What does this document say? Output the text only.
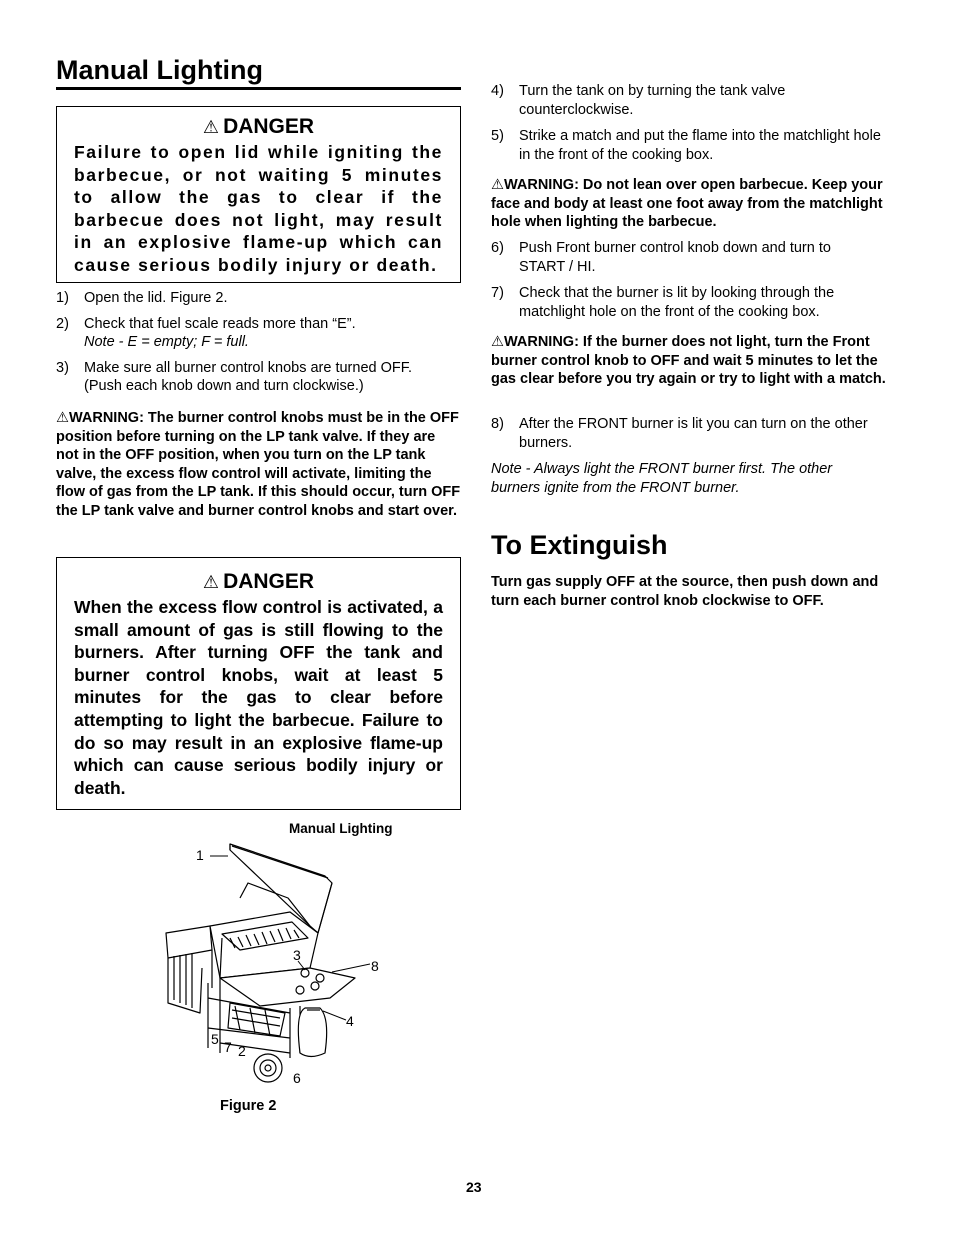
Manual Lighting
⚠ DANGER
Failure to open lid while igniting the barbecue, or not waiting 5 minutes to allow the gas to clear if the barbecue does not light, may result in an explosive flame-up which can cause serious bodily injury or death.
1)	Open the lid. Figure 2.
2)	Check that fuel scale reads more than “E”.
Note - E = empty; F = full.
3)	Make sure all burner control knobs are turned OFF. (Push each knob down and turn clockwise.)
⚠WARNING: The burner control knobs must be in the OFF position before turning on the LP tank valve. If they are not in the OFF position, when you turn on the LP tank valve, the excess flow control will activate, limiting the flow of gas from the LP tank. If this should occur, turn OFF the LP tank valve and burner control knobs and start over.
⚠ DANGER
When the excess flow control is activated, a small amount of gas is still flowing to the burners. After turning OFF the tank and burner control knobs, wait at least 5 minutes for the gas to clear before attempting to light the barbecue. Failure to do so may result in an explosive flame-up which can cause serious bodily injury or death.
Manual Lighting
1
3
8
4
5 7 2
6
Figure 2
4)	Turn the tank on by turning the tank valve counterclockwise.
5)	Strike a match and put the flame into the matchlight hole in the front of the cooking box.
⚠WARNING: Do not lean over open barbecue. Keep your face and body at least one foot away from the matchlight hole when lighting the barbecue.
6)	Push Front burner control knob down and turn to START / HI.
7)	Check that the burner is lit by looking through the matchlight hole on the front of the cooking box.
⚠WARNING: If the burner does not light, turn the Front burner control knob to OFF and wait 5 minutes to let the gas clear before you try again or try to light with a match.
8)	After the FRONT burner is lit you can turn on the other burners.
Note - Always light the FRONT burner first. The other burners ignite from the FRONT burner.
To Extinguish
Turn gas supply OFF at the source, then push down and turn each burner control knob clockwise to OFF.
23
